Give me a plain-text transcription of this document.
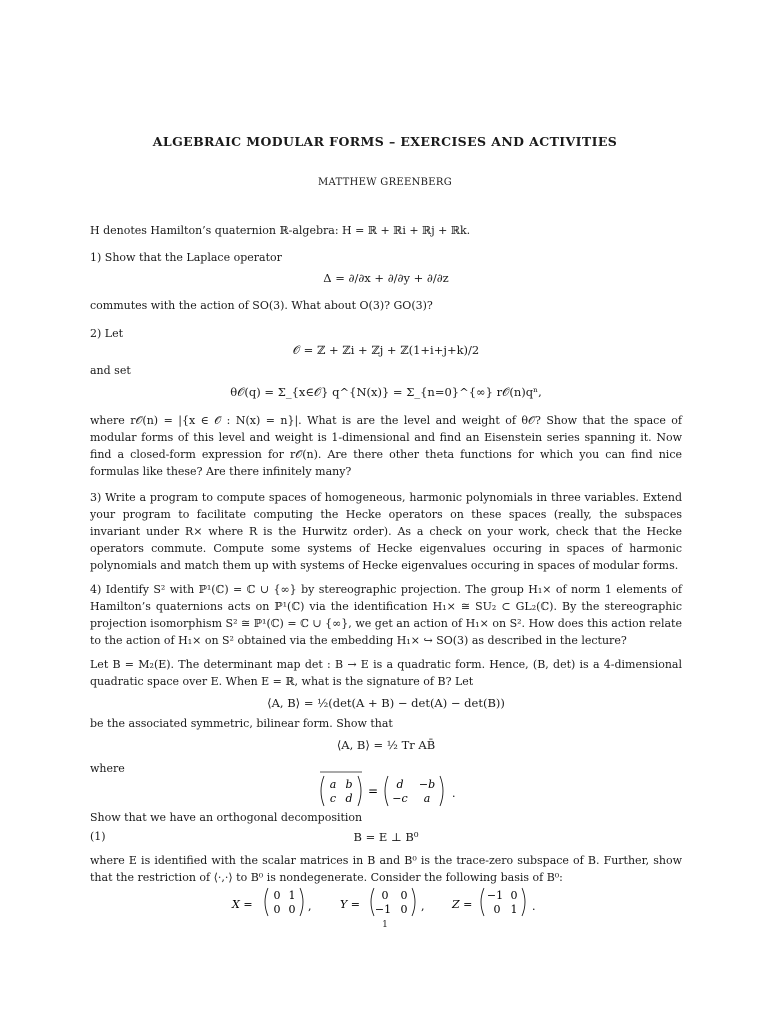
ALGEBRAIC MODULAR FORMS – EXERCISES AND ACTIVITIES
MATTHEW GREENBERG
H denotes Hamilton’s quaternion ℝ-algebra: H = ℝ + ℝi + ℝj + ℝk.
1) Show that the Laplace operator
Δ = ∂/∂x + ∂/∂y + ∂/∂z
commutes with the action of SO(3). What about O(3)? GO(3)?
2) Let
𝒪 = ℤ + ℤi + ℤj + ℤ(1+i+j+k)/2
and set
θ𝒪(q) = Σ_{x∈𝒪} q^{N(x)} = Σ_{n=0}^{∞} r𝒪(n)qⁿ,
where r𝒪(n) = |{x ∈ 𝒪 : N(x) = n}|. What is are the level and weight of θ𝒪? Show that the space of modular forms of this level and weight is 1-dimensional and find an Eisenstein series spanning it. Now find a closed-form expression for r𝒪(n). Are there other theta functions for which you can find nice formulas like these? Are there infinitely many?
3) Write a program to compute spaces of homogeneous, harmonic polynomials in three variables. Extend your program to facilitate computing the Hecke operators on these spaces (really, the subspaces invariant under R× where R is the Hurwitz order). As a check on your work, check that the Hecke operators commute. Compute some systems of Hecke eigenvalues occuring in spaces of harmonic polynomials and match them up with systems of Hecke eigenvalues occuring in spaces of modular forms.
4) Identify S² with ℙ¹(ℂ) = ℂ ∪ {∞} by stereographic projection. The group H₁× of norm 1 elements of Hamilton’s quaternions acts on ℙ¹(ℂ) via the identification H₁× ≅ SU₂ ⊂ GL₂(ℂ). By the stereographic projection isomorphism S² ≅ ℙ¹(ℂ) = ℂ ∪ {∞}, we get an action of H₁× on S². How does this action relate to the action of H₁× on S² obtained via the embedding H₁× ↪ SO(3) as described in the lecture?
Let B = M₂(E). The determinant map det : B → E is a quadratic form. Hence, (B, det) is a 4-dimensional quadratic space over E. When E = ℝ, what is the signature of B? Let
⟨A, B⟩ = ½(det(A + B) − det(A) − det(B))
be the associated symmetric, bilinear form. Show that
⟨A, B⟩ = ½ Tr AB̄
where
a b
c d
= d −b
−c a .
Show that we have an orthogonal decomposition
(1)	B = E ⊥ B⁰
where E is identified with the scalar matrices in B and B⁰ is the trace-zero subspace of B. Further, show that the restriction of ⟨·,·⟩ to B⁰ is nondegenerate. Consider the following basis of B⁰:
X =
0 1
0 0 ,	Y =
0 0
−1 0 ,	Z =
−1 0
0 1 .
1
